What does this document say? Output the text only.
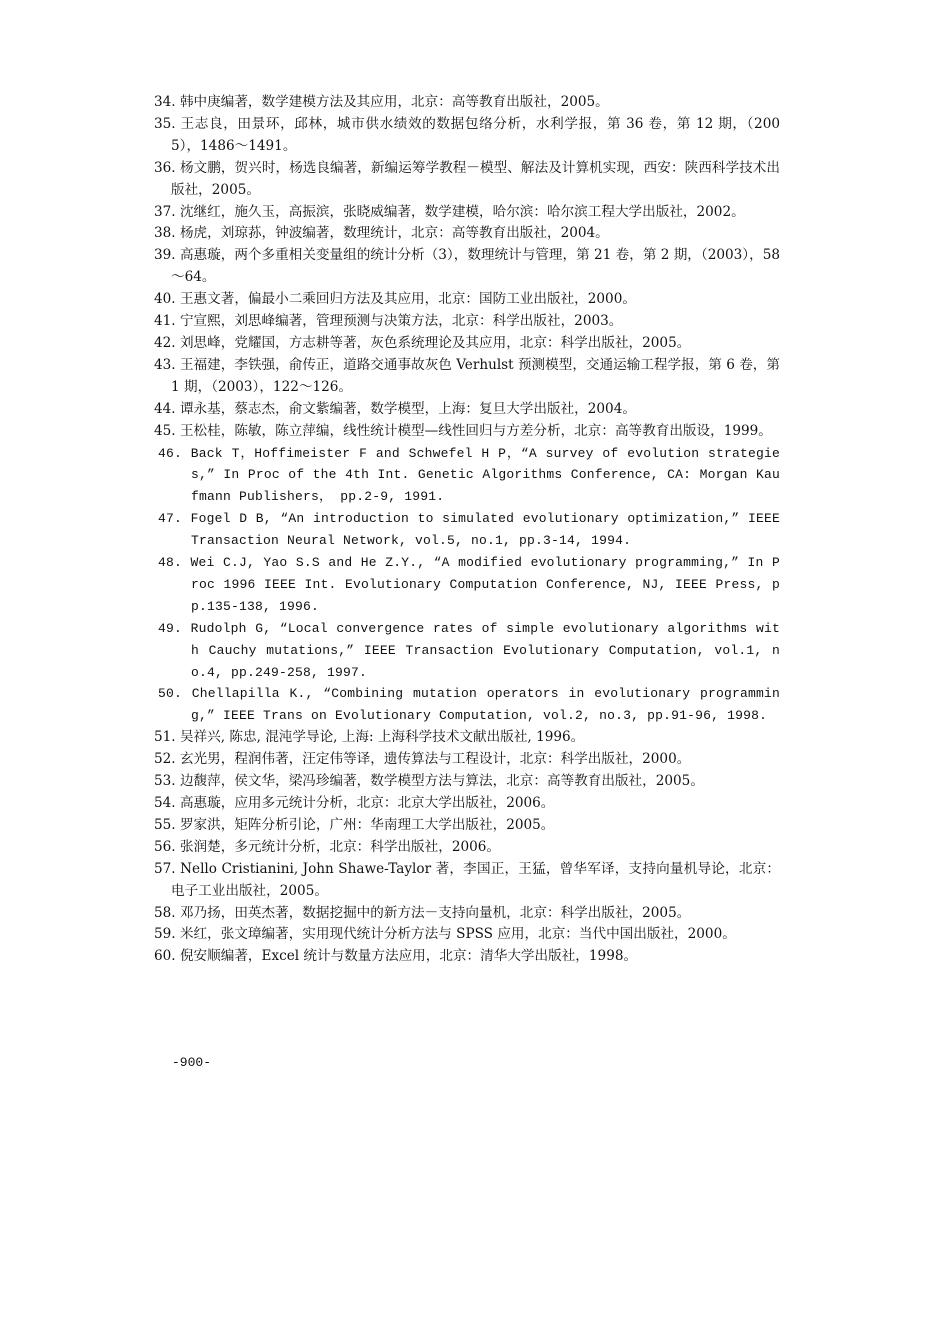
34. 韩中庚编著，数学建模方法及其应用，北京：高等教育出版社，2005。
35. 王志良，田景环，邱林，城市供水绩效的数据包络分析，水利学报，第 36 卷，第 12 期，（2005），1486～1491。
36. 杨文鹏，贺兴时，杨选良编著，新编运筹学教程－模型、解法及计算机实现，西安：陕西科学技术出版社，2005。
37. 沈继红，施久玉，高振滨，张晓威编著，数学建模，哈尔滨：哈尔滨工程大学出版社，2002。
38. 杨虎，刘琼荪，钟波编著，数理统计，北京：高等教育出版社，2004。
39. 高惠璇，两个多重相关变量组的统计分析（3），数理统计与管理，第 21 卷，第 2 期，（2003），58～64。
40. 王惠文著，偏最小二乘回归方法及其应用，北京：国防工业出版社，2000。
41. 宁宣熙，刘思峰编著，管理预测与决策方法，北京：科学出版社，2003。
42. 刘思峰，党耀国，方志耕等著，灰色系统理论及其应用，北京：科学出版社，2005。
43. 王福建，李铁强，俞传正，道路交通事故灰色 Verhulst 预测模型，交通运输工程学报，第 6 卷，第 1 期，（2003），122～126。
44. 谭永基，蔡志杰，俞文紫编著，数学模型，上海：复旦大学出版社，2004。
45. 王松桂，陈敏，陈立萍编，线性统计模型—线性回归与方差分析，北京：高等教育出版设，1999。
46. Back T，Hoffimeister F and Schwefel H P，“A survey of evolution strategies,” In Proc of the 4th Int. Genetic Algorithms Conference, CA: Morgan Kaufmann Publishers， pp.2-9, 1991.
47. Fogel D B, “An introduction to simulated evolutionary optimization,” IEEE Transaction Neural Network, vol.5, no.1, pp.3-14, 1994.
48. Wei C.J, Yao S.S and He Z.Y., “A modified evolutionary programming,” In Proc 1996 IEEE Int. Evolutionary Computation Conference, NJ, IEEE Press, pp.135-138, 1996.
49. Rudolph G, “Local convergence rates of simple evolutionary algorithms with Cauchy mutations,” IEEE Transaction Evolutionary Computation, vol.1, no.4, pp.249-258, 1997.
50. Chellapilla K., “Combining mutation operators in evolutionary programming,” IEEE Trans on Evolutionary Computation, vol.2, no.3, pp.91-96, 1998.
51. 吴祥兴, 陈忠, 混沌学导论, 上海: 上海科学技术文献出版社, 1996。
52. 玄光男，程润伟著，汪定伟等译，遗传算法与工程设计，北京：科学出版社，2000。
53. 边馥萍，侯文华，梁冯珍编著，数学模型方法与算法，北京：高等教育出版社，2005。
54. 高惠璇，应用多元统计分析，北京：北京大学出版社，2006。
55. 罗家洪，矩阵分析引论，广州：华南理工大学出版社，2005。
56. 张润楚，多元统计分析，北京：科学出版社，2006。
57. Nello Cristianini, John Shawe-Taylor 著，李国正，王猛，曾华军译，支持向量机导论，北京：电子工业出版社，2005。
58. 邓乃扬，田英杰著，数据挖掘中的新方法－支持向量机，北京：科学出版社，2005。
59. 米红，张文璋编著，实用现代统计分析方法与 SPSS 应用，北京：当代中国出版社，2000。
60. 倪安顺编著，Excel 统计与数量方法应用，北京：清华大学出版社，1998。
-900-
